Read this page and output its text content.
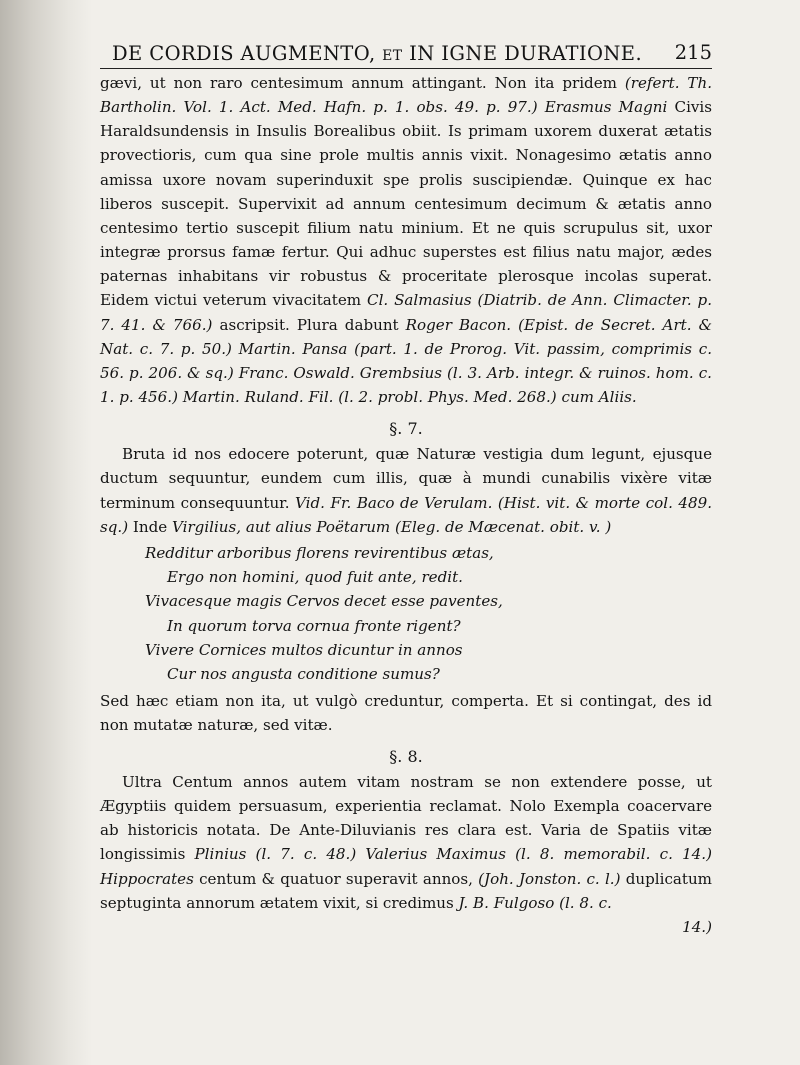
DE CORDIS AUGMENTO, ET IN IGNE DURATIONE. 215

gævi, ut non raro centesimum annum attingant. Non ita pridem (refert. Th. Bartholin. Vol. 1. Act. Med. Hafn. p. 1. obs. 49. p. 97.) Erasmus Magni Civis Haraldsundensis in Insulis Borealibus obiit. Is primam uxorem duxerat ætatis provectioris, cum qua sine prole multis annis vixit. Nonagesimo ætatis anno amissa uxore novam superinduxit spe prolis suscipiendæ. Quinque ex hac liberos suscepit. Supervixit ad annum centesimum decimum & ætatis anno centesimo tertio suscepit filium natu minium. Et ne quis scrupulus sit, uxor integræ prorsus famæ fertur. Qui adhuc superstes est filius natu major, ædes paternas inhabitans vir robustus & proceritate plerosque incolas superat. Eidem victui veterum vivacitatem Cl. Salmasius (Diatrib. de Ann. Climacter. p. 7. 41. & 766.) ascripsit. Plura dabunt Roger Bacon. (Epist. de Secret. Art. & Nat. c. 7. p. 50.) Martin. Pansa (part. 1. de Prorog. Vit. passim, comprimis c. 56. p. 206. & sq.) Franc. Oswald. Grembsius (l. 3. Arb. integr. & ruinos. hom. c. 1. p. 456.) Martin. Ruland. Fil. (l. 2. probl. Phys. Med. 268.) cum Aliis.

§. 7.

Bruta id nos edocere poterunt, quæ Naturæ vestigia dum legunt, ejusque ductum sequuntur, eundem cum illis, quæ à mundi cunabilis vixère vitæ terminum consequuntur. Vid. Fr. Baco de Verulam. (Hist. vit. & morte col. 489. sq.) Inde Virgilius, aut alius Poëtarum (Eleg. de Mæcenat. obit. v. )

Redditur arboribus florens revirentibus ætas,
Ergo non homini, quod fuit ante, redit.
Vivacesque magis Cervos decet esse paventes,
In quorum torva cornua fronte rigent?
Vivere Cornices multos dicuntur in annos
Cur nos angusta conditione sumus?

Sed hæc etiam non ita, ut vulgò creduntur, comperta. Et si contingat, des id non mutatæ naturæ, sed vitæ.

§. 8.

Ultra Centum annos autem vitam nostram se non extendere posse, ut Ægyptiis quidem persuasum, experientia reclamat. Nolo Exempla coacervare ab historicis notata. De Ante-Diluvianis res clara est. Varia de Spatiis vitæ longissimis Plinius (l. 7. c. 48.) Valerius Maximus (l. 8. memorabil. c. 14.) Hippocrates centum & quatuor superavit annos, (Joh. Jonston. c. l.) duplicatum septuginta annorum ætatem vixit, si credimus J. B. Fulgoso (l. 8. c.

14.)
